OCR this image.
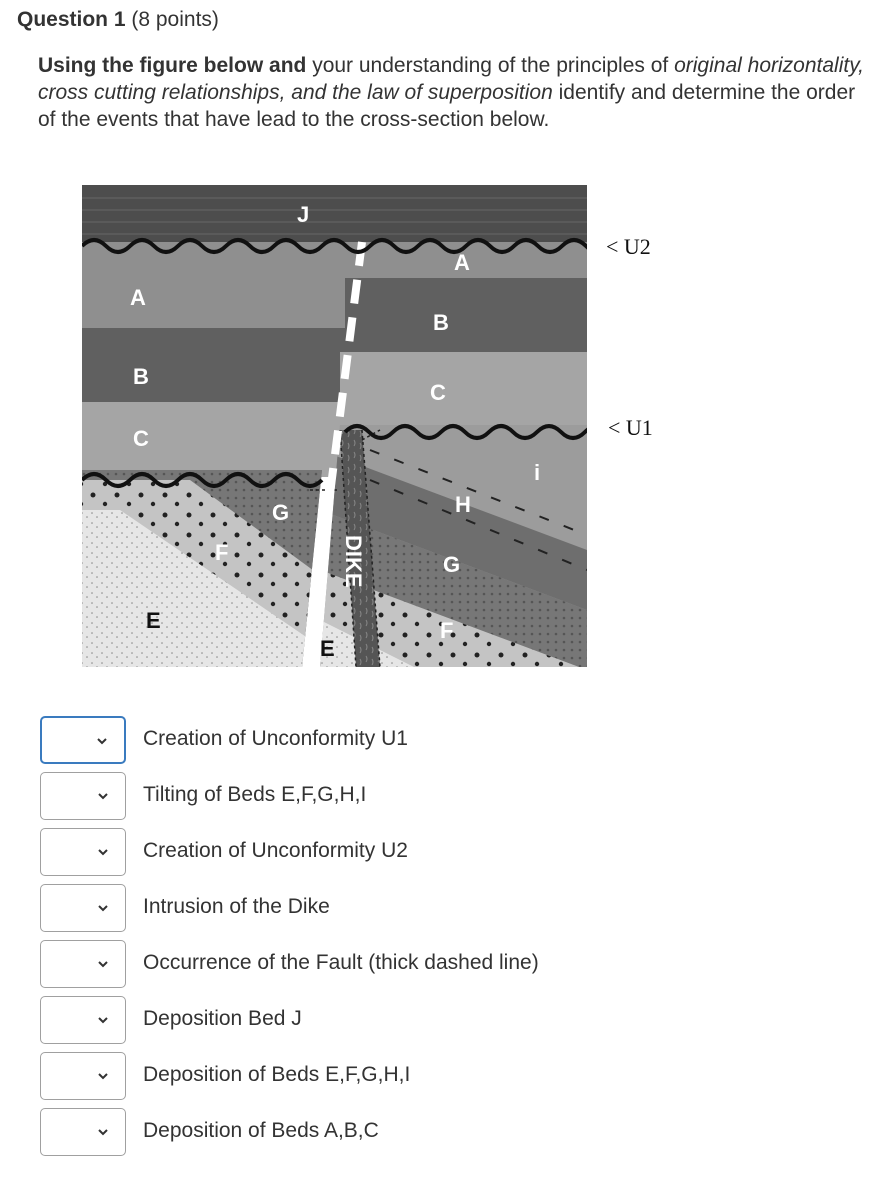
Question 1 (8 points)
Using the figure below and your understanding of the principles of original horizontality, cross cutting relationships, and the law of superposition identify and determine the order of the events that have lead to the cross-section below.
J
A
B
C
A
B
C
G
F
E
E
DIKE
H
G
F
i
< U2
< U1
Creation of Unconformity U1
Tilting of Beds E,F,G,H,I
Creation of Unconformity U2
Intrusion of the Dike
Occurrence of the Fault (thick dashed line)
Deposition Bed J
Deposition of Beds E,F,G,H,I
Deposition of Beds A,B,C
